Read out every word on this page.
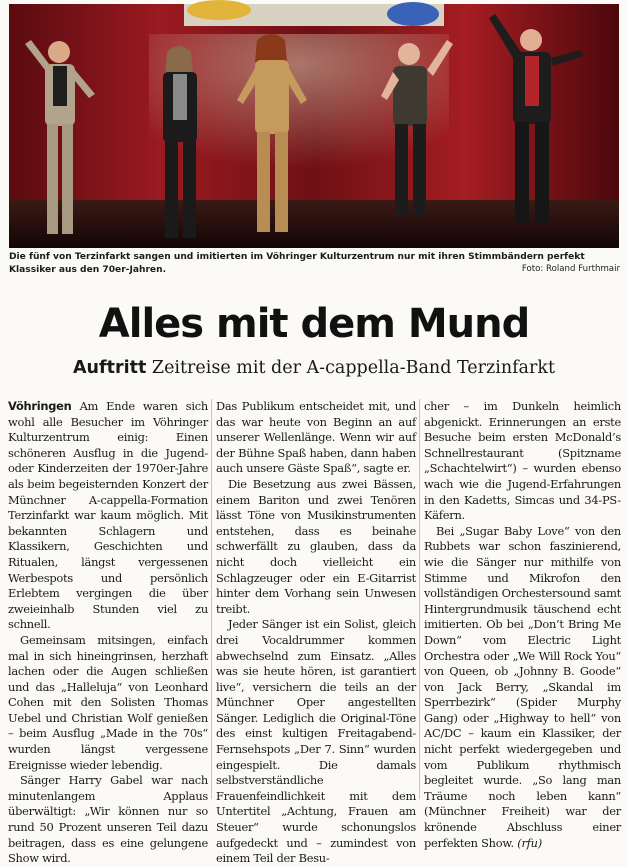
Die fünf von Terzinfarkt sangen und imitierten im Vöhringer Kulturzentrum nur mit ihren Stimmbändern perfekt Klassiker aus den 70er-Jahren.	Foto: Roland Furthmair
Alles mit dem Mund
Auftritt Zeitreise mit der A-cappella-Band Terzinfarkt

Vöhringen Am Ende waren sich wohl alle Besucher im Vöhringer Kulturzentrum einig: Einen schöneren Ausflug in die Jugend- oder Kinderzeiten der 1970er-Jahre als beim begeisternden Konzert der Münchner A-cappella-Formation Terzinfarkt war kaum möglich. Mit bekannten Schlagern und Klassikern, Geschichten und Ritualen, längst vergessenen Werbespots und persönlich Erlebtem vergingen die über zweieinhalb Stunden viel zu schnell.

Gemeinsam mitsingen, einfach mal in sich hineingrinsen, herzhaft lachen oder die Augen schließen und das „Halleluja“ von Leonhard Cohen mit den Solisten Thomas Uebel und Christian Wolf genießen – beim Ausflug „Made in the 70s“ wurden längst vergessene Ereignisse wieder lebendig.

Sänger Harry Gabel war nach minutenlangem Applaus überwältigt: „Wir können nur so rund 50 Prozent unseren Teil dazu beitragen, dass es eine gelungene Show wird.

Das Publikum entscheidet mit, und das war heute von Beginn an auf unserer Wellenlänge. Wenn wir auf der Bühne Spaß haben, dann haben auch unsere Gäste Spaß“, sagte er.

Die Besetzung aus zwei Bässen, einem Bariton und zwei Tenören lässt Töne von Musikinstrumenten entstehen, dass es beinahe schwerfällt zu glauben, dass da nicht doch vielleicht ein Schlagzeuger oder ein E-Gitarrist hinter dem Vorhang sein Unwesen treibt.

Jeder Sänger ist ein Solist, gleich drei Vocaldrummer kommen abwechselnd zum Einsatz. „Alles was sie heute hören, ist garantiert live“, versichern die teils an der Münchner Oper angestellten Sänger. Lediglich die Original-Töne des einst kultigen Freitagabend-Fernsehspots „Der 7. Sinn“ wurden eingespielt. Die damals selbstverständliche Frauenfeindlichkeit mit dem Untertitel „Achtung, Frauen am Steuer“ wurde schonungslos aufgedeckt und – zumindest von einem Teil der Besu-

cher – im Dunkeln heimlich abgenickt. Erinnerungen an erste Besuche beim ersten McDonald’s Schnellrestaurant (Spitzname „Schachtelwirt“) – wurden ebenso wach wie die Jugend-Erfahrungen in den Kadetts, Simcas und 34-PS-Käfern.

Bei „Sugar Baby Love“ von den Rubbets war schon faszinierend, wie die Sänger nur mithilfe von Stimme und Mikrofon den vollständigen Orchestersound samt Hintergrundmusik täuschend echt imitierten. Ob bei „Don’t Bring Me Down“ vom Electric Light Orchestra oder „We Will Rock You“ von Queen, ob „Johnny B. Goode“ von Jack Berry, „Skandal im Sperrbezirk“ (Spider Murphy Gang) oder „Highway to hell“ von AC/DC – kaum ein Klassiker, der nicht perfekt wiedergegeben und vom Publikum rhythmisch begleitet wurde. „So lang man Träume noch leben kann“ (Münchner Freiheit) war der krönende Abschluss einer perfekten Show. (rfu)
